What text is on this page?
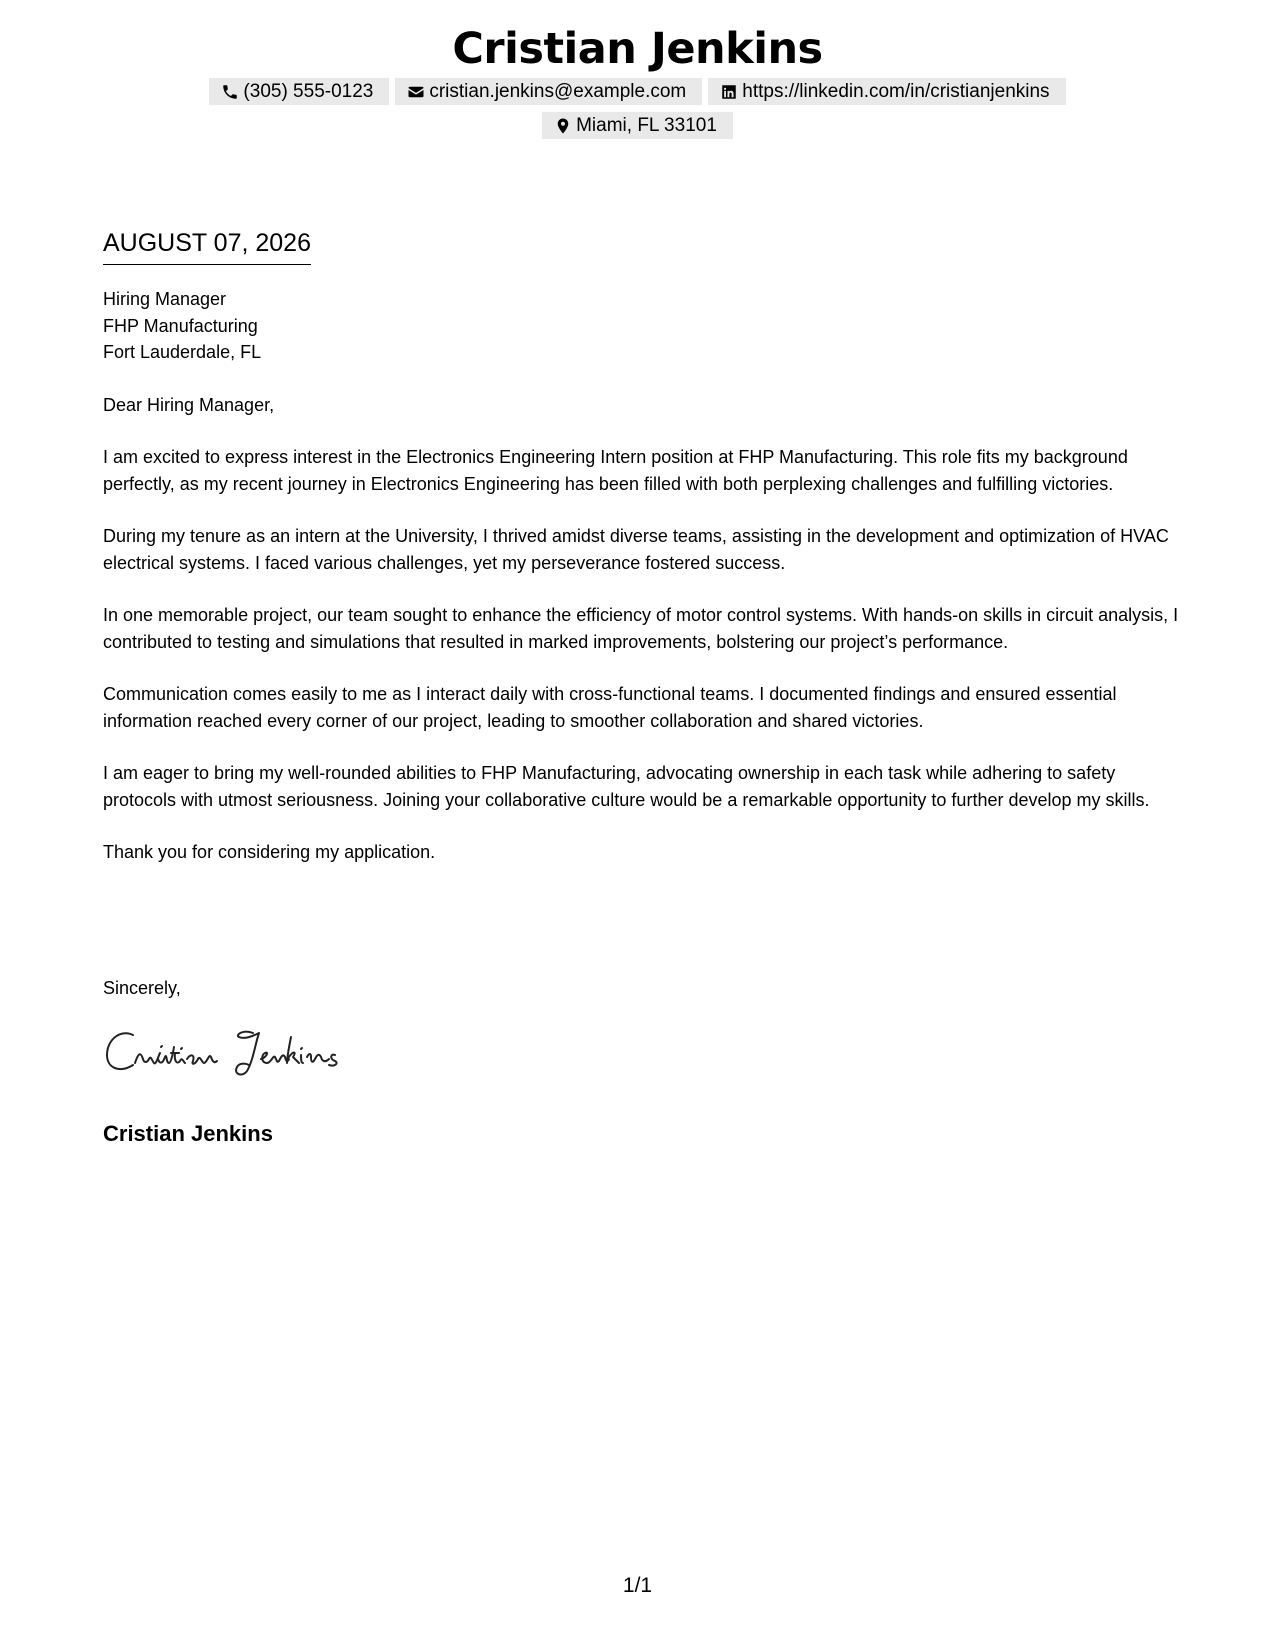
Cristian Jenkins
(305) 555-0123	cristian.jenkins@example.com	https://linkedin.com/in/cristianjenkins
Miami, FL 33101
AUGUST 07, 2026
Hiring Manager
FHP Manufacturing
Fort Lauderdale, FL

Dear Hiring Manager,

I am excited to express interest in the Electronics Engineering Intern position at FHP Manufacturing. This role fits my background perfectly, as my recent journey in Electronics Engineering has been filled with both perplexing challenges and fulfilling victories.

During my tenure as an intern at the University, I thrived amidst diverse teams, assisting in the development and optimization of HVAC electrical systems. I faced various challenges, yet my perseverance fostered success.

In one memorable project, our team sought to enhance the efficiency of motor control systems. With hands-on skills in circuit analysis, I contributed to testing and simulations that resulted in marked improvements, bolstering our project’s performance.

Communication comes easily to me as I interact daily with cross-functional teams. I documented findings and ensured essential information reached every corner of our project, leading to smoother collaboration and shared victories.

I am eager to bring my well-rounded abilities to FHP Manufacturing, advocating ownership in each task while adhering to safety protocols with utmost seriousness. Joining your collaborative culture would be a remarkable opportunity to further develop my skills.

Thank you for considering my application.

Sincerely,
Cristian Jenkins
1/1
